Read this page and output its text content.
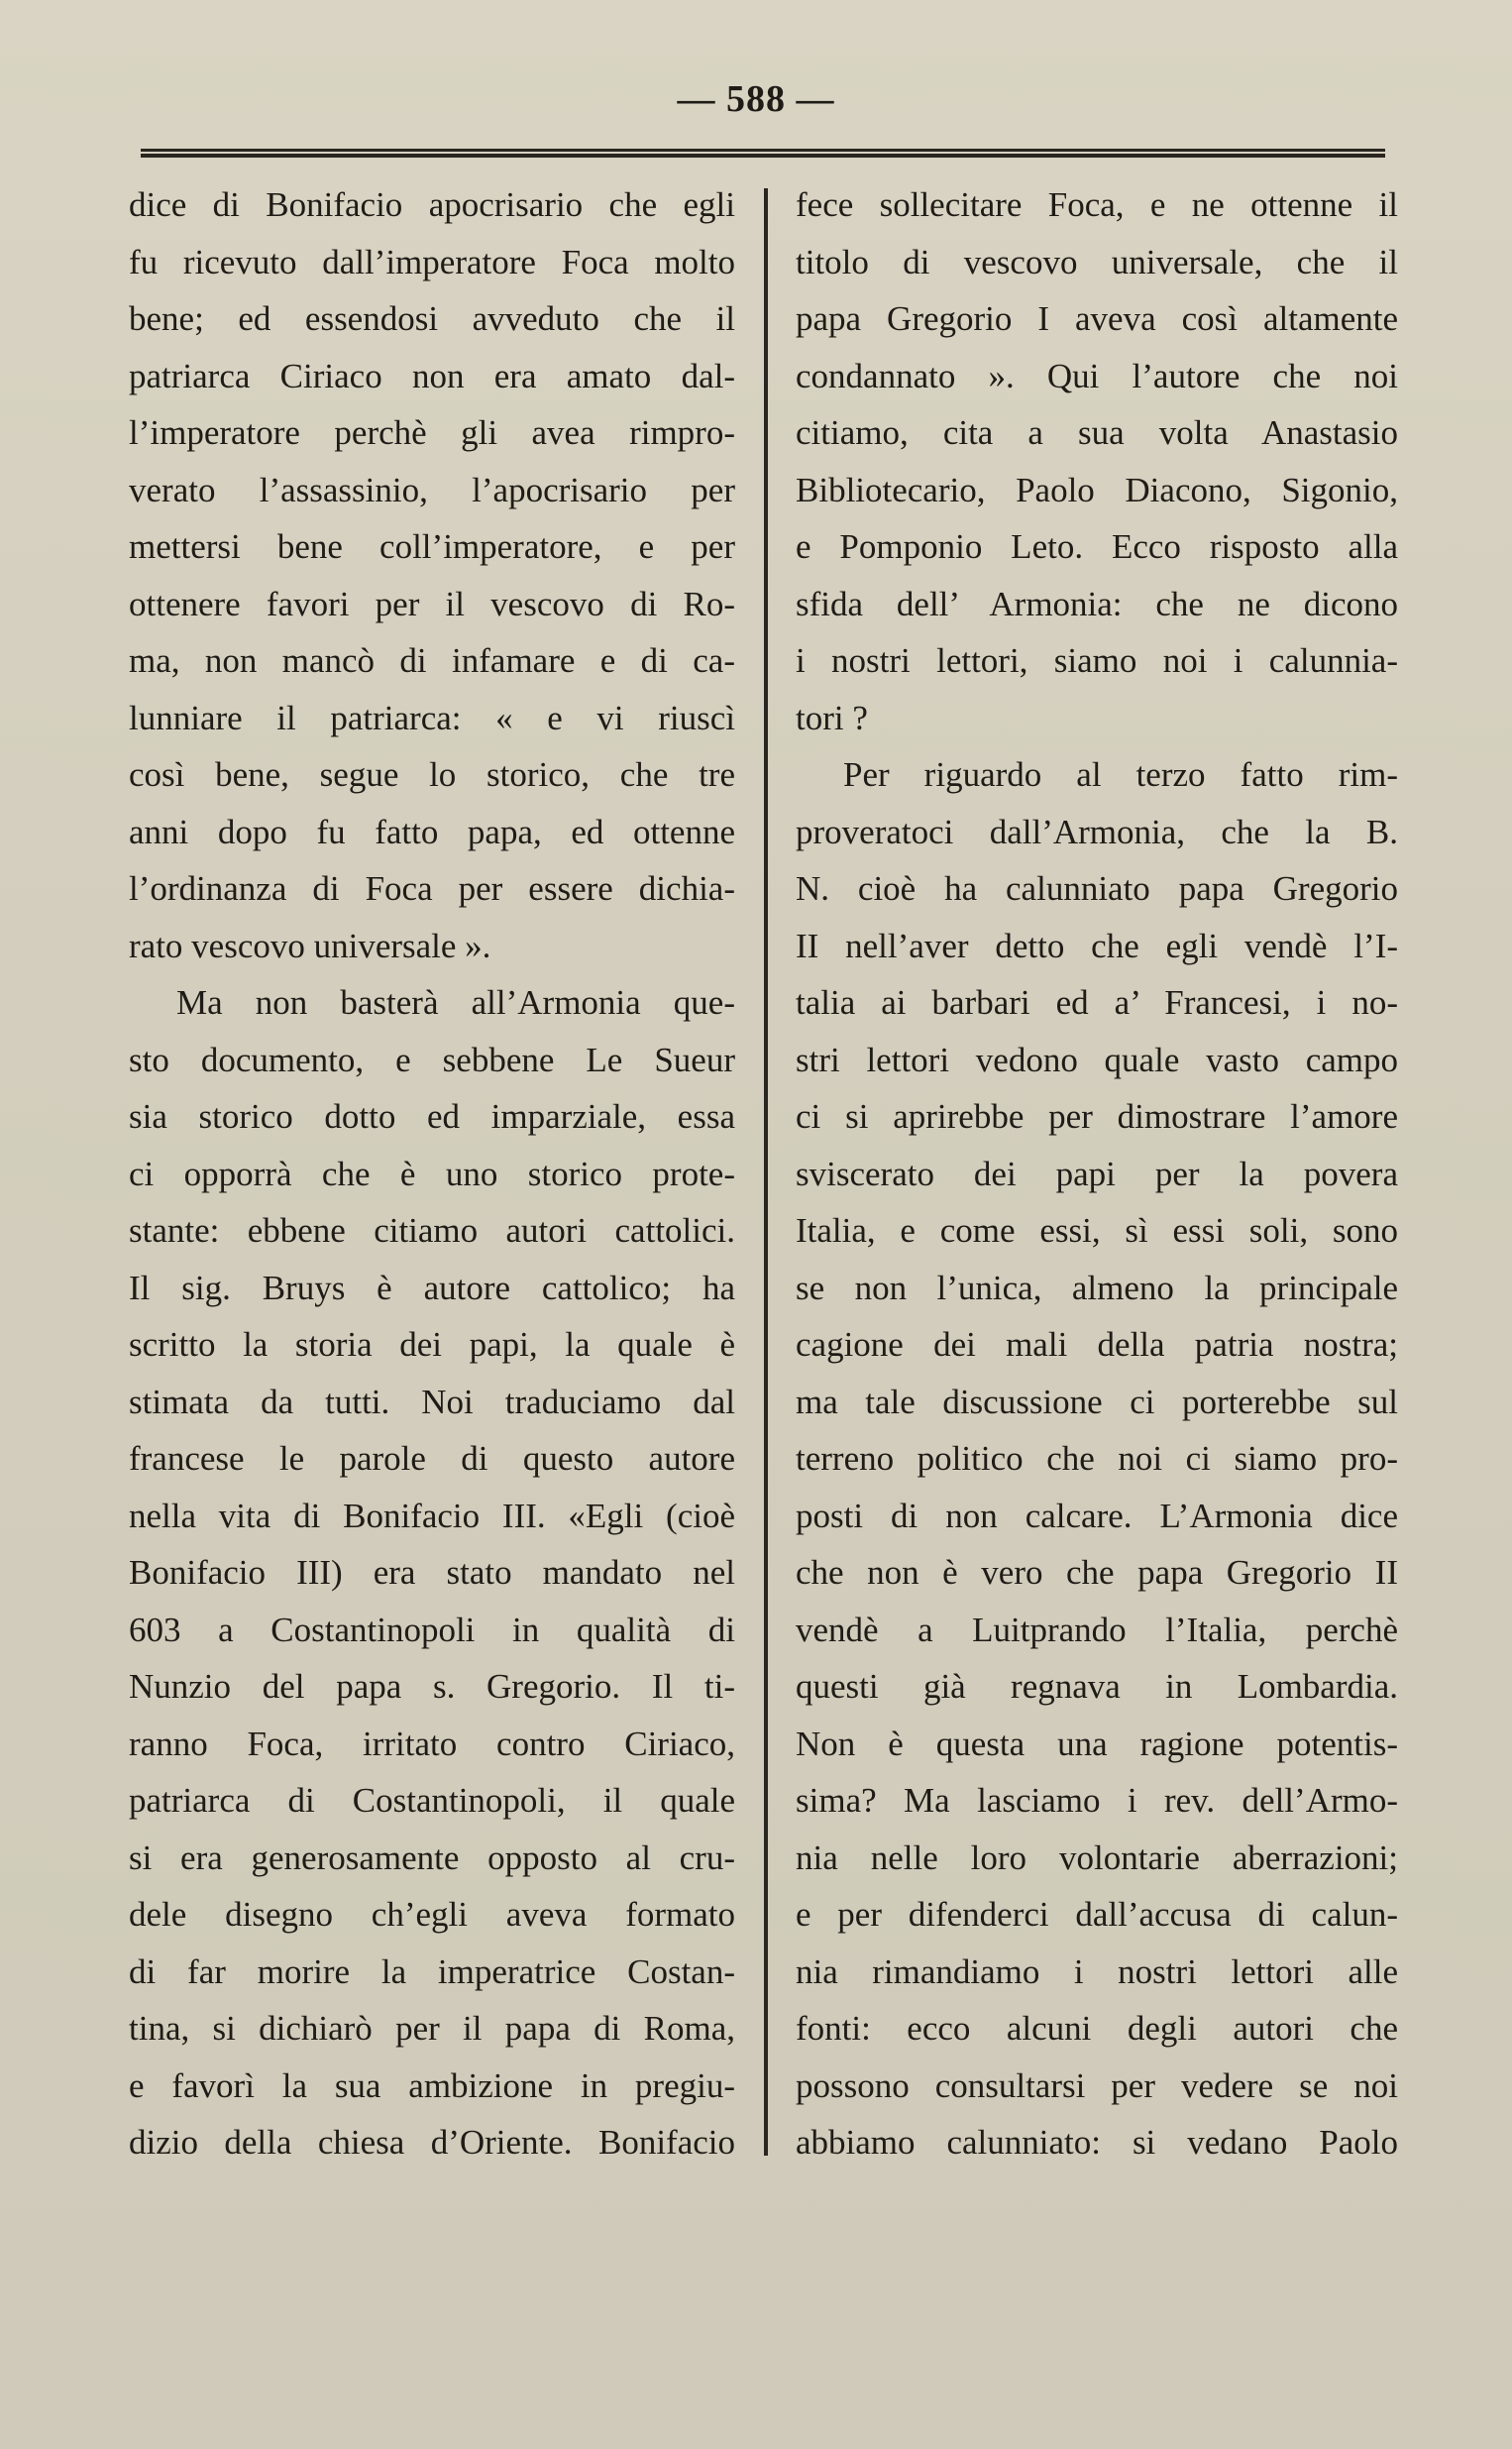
— 588 —
dice di Bonifacio apocrisario che egli
fu ricevuto dall’imperatore Foca molto
bene; ed essendosi avveduto che il
patriarca Ciriaco non era amato dal-
l’imperatore perchè gli avea rimpro-
verato l’assassinio, l’apocrisario per
mettersi bene coll’imperatore, e per
ottenere favori per il vescovo di Ro-
ma, non mancò di infamare e di ca-
lunniare il patriarca: « e vi riuscì
così bene, segue lo storico, che tre
anni dopo fu fatto papa, ed ottenne
l’ordinanza di Foca per essere dichia-
rato vescovo universale ».
Ma non basterà all’Armonia que-
sto documento, e sebbene Le Sueur
sia storico dotto ed imparziale, essa
ci opporrà che è uno storico prote-
stante: ebbene citiamo autori cattolici.
Il sig. Bruys è autore cattolico; ha
scritto la storia dei papi, la quale è
stimata da tutti. Noi traduciamo dal
francese le parole di questo autore
nella vita di Bonifacio III. «Egli (cioè
Bonifacio III) era stato mandato nel
603 a Costantinopoli in qualità di
Nunzio del papa s. Gregorio. Il ti-
ranno Foca, irritato contro Ciriaco,
patriarca di Costantinopoli, il quale
si era generosamente opposto al cru-
dele disegno ch’egli aveva formato
di far morire la imperatrice Costan-
tina, si dichiarò per il papa di Roma,
e favorì la sua ambizione in pregiu-
dizio della chiesa d’Oriente. Bonifacio
fece sollecitare Foca, e ne ottenne il
titolo di vescovo universale, che il
papa Gregorio I aveva così altamente
condannato ». Qui l’autore che noi
citiamo, cita a sua volta Anastasio
Bibliotecario, Paolo Diacono, Sigonio,
e Pomponio Leto. Ecco risposto alla
sfida dell’ Armonia: che ne dicono
i nostri lettori, siamo noi i calunnia-
tori ?
Per riguardo al terzo fatto rim-
proveratoci dall’Armonia, che la B.
N. cioè ha calunniato papa Gregorio
II nell’aver detto che egli vendè l’I-
talia ai barbari ed a’ Francesi, i no-
stri lettori vedono quale vasto campo
ci si aprirebbe per dimostrare l’amore
sviscerato dei papi per la povera
Italia, e come essi, sì essi soli, sono
se non l’unica, almeno la principale
cagione dei mali della patria nostra;
ma tale discussione ci porterebbe sul
terreno politico che noi ci siamo pro-
posti di non calcare. L’Armonia dice
che non è vero che papa Gregorio II
vendè a Luitprando l’Italia, perchè
questi già regnava in Lombardia.
Non è questa una ragione potentis-
sima? Ma lasciamo i rev. dell’Armo-
nia nelle loro volontarie aberrazioni;
e per difenderci dall’accusa di calun-
nia rimandiamo i nostri lettori alle
fonti: ecco alcuni degli autori che
possono consultarsi per vedere se noi
abbiamo calunniato: si vedano Paolo
